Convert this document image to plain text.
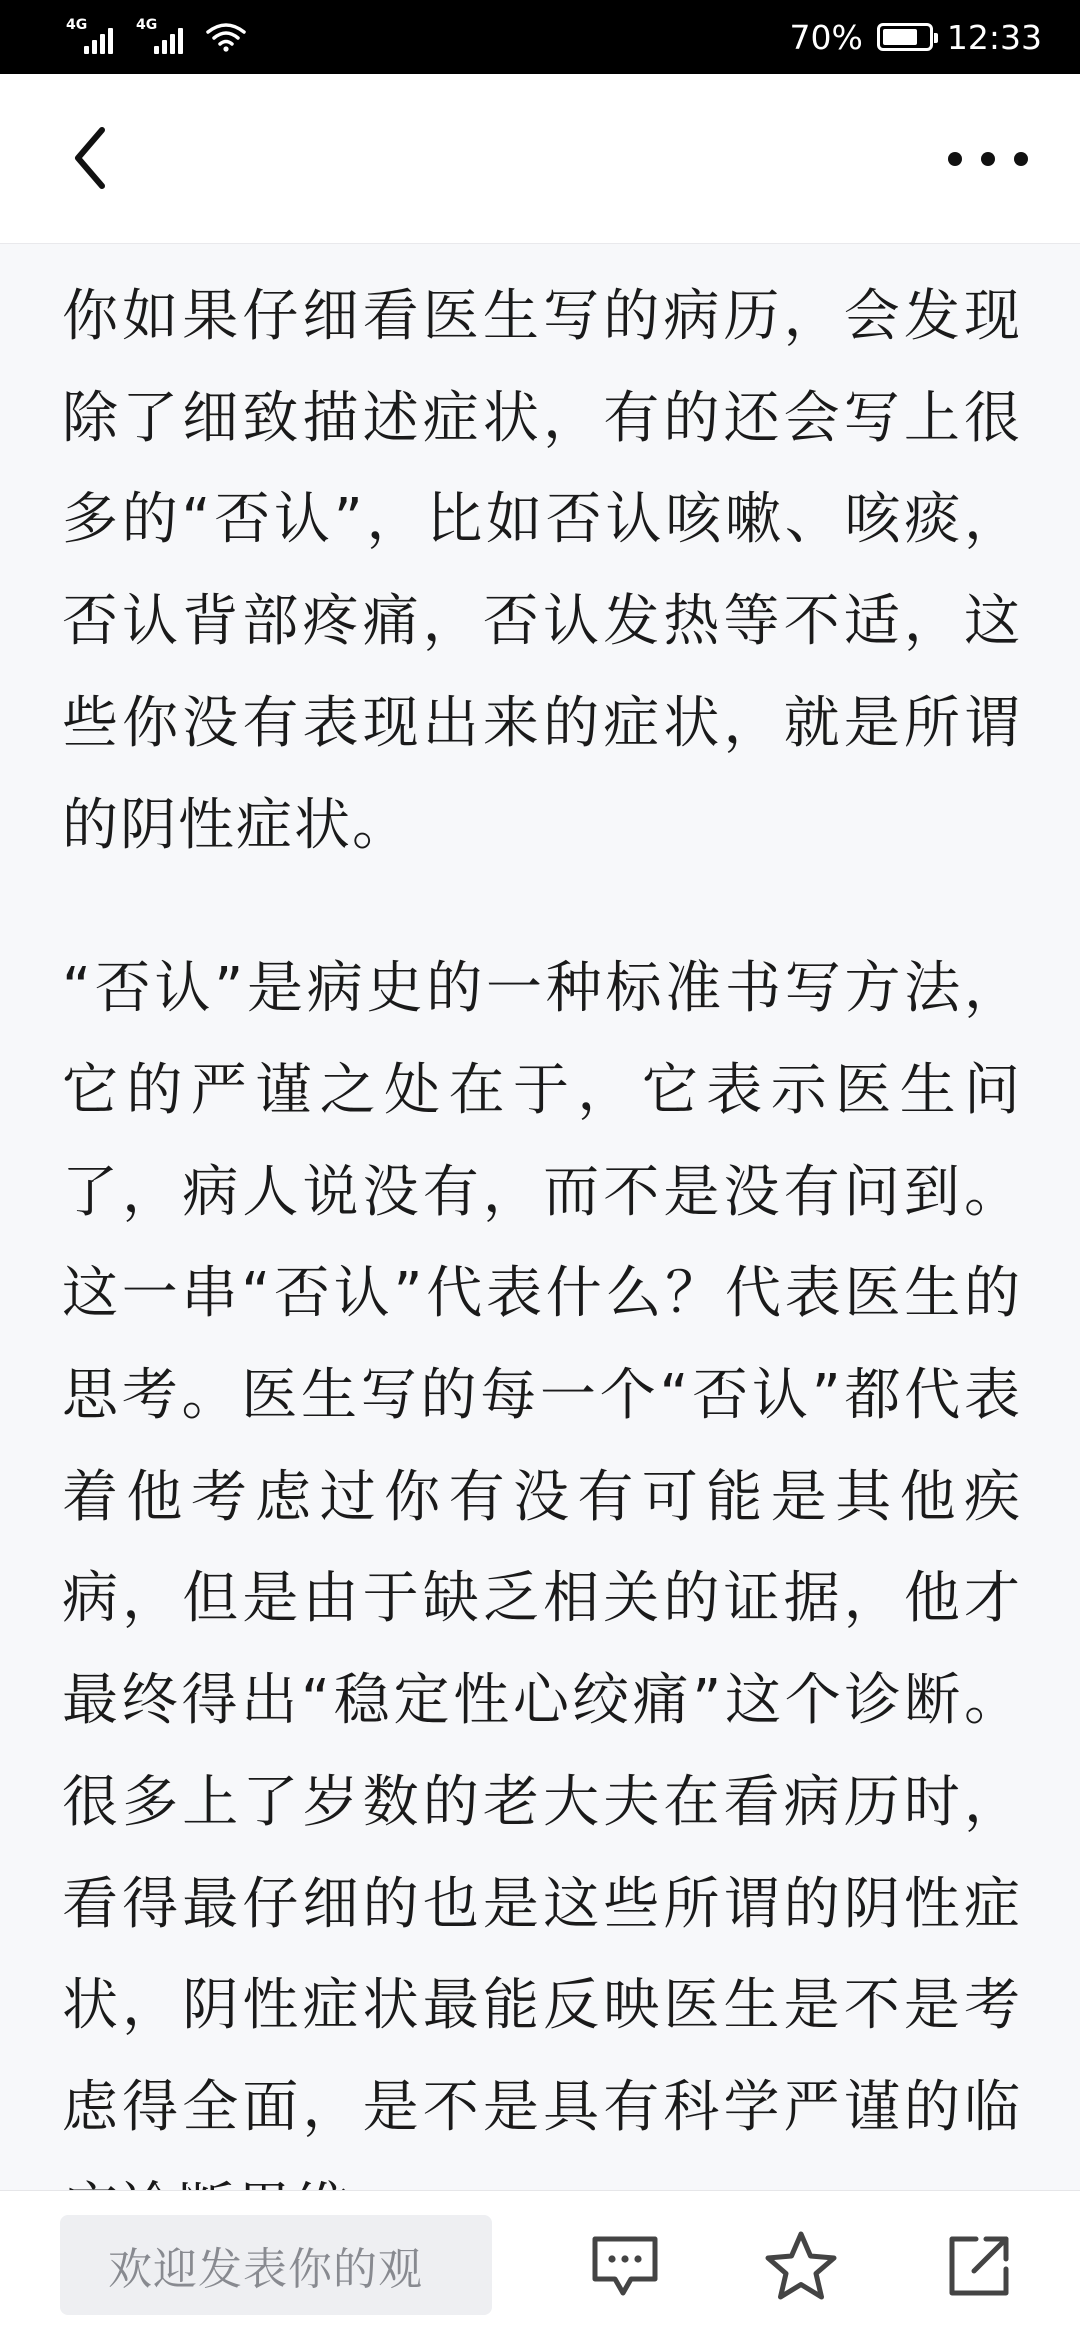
4G	4G	70%	12:33

你如果仔细看医生写的病历，会发现除了细致描述症状，有的还会写上很多的“否认”，比如否认咳嗽、咳痰，否认背部疼痛，否认发热等不适，这些你没有表现出来的症状，就是所谓的阴性症状。

“否认”是病史的一种标准书写方法，它的严谨之处在于，它表示医生问了，病人说没有，而不是没有问到。这一串“否认”代表什么？代表医生的思考。医生写的每一个“否认”都代表着他考虑过你有没有可能是其他疾病，但是由于缺乏相关的证据，他才最终得出“稳定性心绞痛”这个诊断。很多上了岁数的老大夫在看病历时，看得最仔细的也是这些所谓的阴性症状，阴性症状最能反映医生是不是考虑得全面，是不是具有科学严谨的临

欢迎发表你的观
